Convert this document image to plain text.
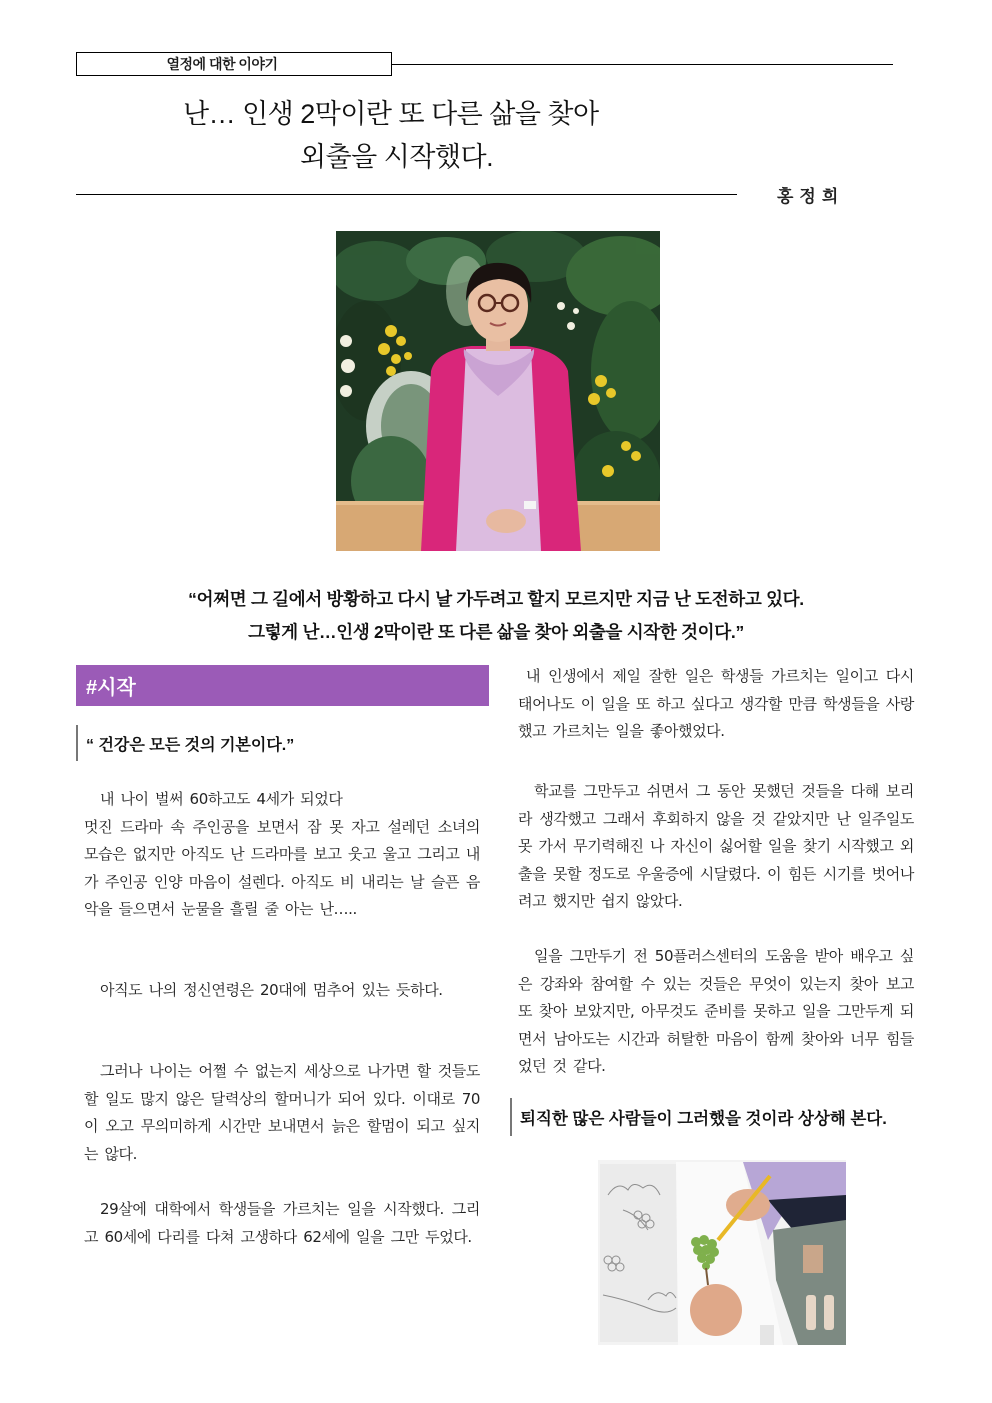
열정에 대한 이야기
난… 인생 2막이란 또 다른 삶을 찾아
외출을 시작했다.
홍정희
“어쩌면 그 길에서 방황하고 다시 날 가두려고 할지 모르지만 지금 난 도전하고 있다.
그렇게 난…인생 2막이란 또 다른 삶을 찾아 외출을 시작한 것이다.”
#시작
“ 건강은 모든 것의 기본이다.”
내 나이 벌써 60하고도 4세가 되었다
멋진 드라마 속 주인공을 보면서 잠 못 자고 설레던 소녀의 모습은 없지만 아직도 난 드라마를 보고 웃고 울고 그리고 내가 주인공 인양 마음이 설렌다. 아직도 비 내리는 날 슬픈 음악을 들으면서 눈물을 흘릴 줄 아는 난…..
아직도 나의 정신연령은 20대에 멈추어 있는 듯하다.
그러나 나이는 어쩔 수 없는지 세상으로 나가면 할 것들도 할 일도 많지 않은 달력상의 할머니가 되어 있다. 이대로 70이 오고 무의미하게 시간만 보내면서 늙은 할멈이 되고 싶지는 않다.
29살에 대학에서 학생들을 가르치는 일을 시작했다. 그리고 60세에 다리를 다쳐 고생하다 62세에 일을 그만 두었다.
내 인생에서 제일 잘한 일은 학생들 가르치는 일이고 다시 태어나도 이 일을 또 하고 싶다고 생각할 만큼 학생들을 사랑했고 가르치는 일을 좋아했었다.
학교를 그만두고 쉬면서 그 동안 못했던 것들을 다해 보리라 생각했고 그래서 후회하지 않을 것 같았지만 난 일주일도 못 가서 무기력해진 나 자신이 싫어할 일을 찾기 시작했고 외출을 못할 정도로 우울증에 시달렸다. 이 힘든 시기를 벗어나려고 했지만 쉽지 않았다.
일을 그만두기 전 50플러스센터의 도움을 받아 배우고 싶은 강좌와 참여할 수 있는 것들은 무엇이 있는지 찾아 보고 또 찾아 보았지만, 아무것도 준비를 못하고 일을 그만두게 되면서 남아도는 시간과 허탈한 마음이 함께 찾아와 너무 힘들었던 것 같다.
퇴직한 많은 사람들이 그러했을 것이라 상상해 본다.
